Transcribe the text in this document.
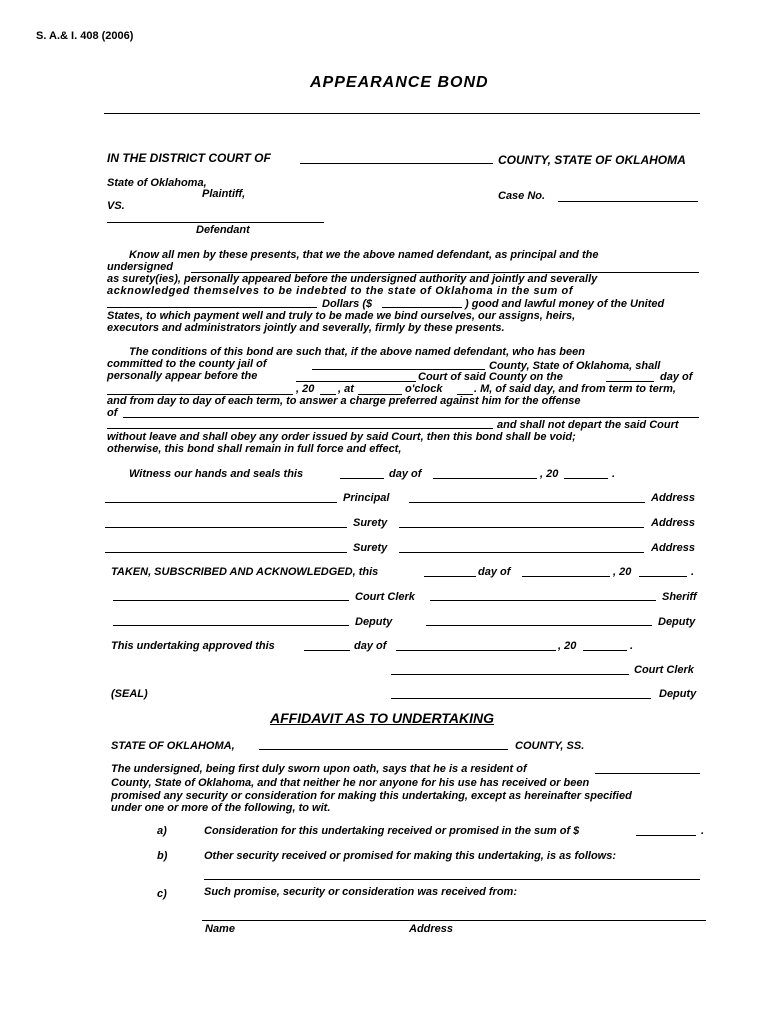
S. A.& I. 408 (2006)
APPEARANCE BOND
IN THE DISTRICT COURT OF	COUNTY, STATE OF OKLAHOMA
State of Oklahoma,
Plaintiff,
VS.
Case No.
Defendant
Know all men by these presents, that we the above named defendant, as principal and the
undersigned
as surety(ies), personally appeared before the undersigned authority and jointly and severally
acknowledged themselves to be indebted to the state of Oklahoma in the sum of
Dollars ($	) good and lawful money of the United
States, to which payment well and truly to be made we bind ourselves, our assigns, heirs,
executors and administrators jointly and severally, firmly by these presents.
The conditions of this bond are such that, if the above named defendant, who has been
committed to the county jail of	County, State of Oklahoma, shall
personally appear before the	Court of said County on the	day of
, 20 , at	o'clock	. M, of said day, and from term to term,
and from day to day of each term, to answer a charge preferred against him for the offense
of
and shall not depart the said Court
without leave and shall obey any order issued by said Court, then this bond shall be void;
otherwise, this bond shall remain in full force and effect,
Witness our hands and seals this	day of	, 20	.
Principal	Address
Surety	Address
Surety	Address
TAKEN, SUBSCRIBED AND ACKNOWLEDGED, this	day of	, 20	.
Court Clerk	Sheriff
Deputy	Deputy
This undertaking approved this	day of	, 20	.
Court Clerk
(SEAL)	Deputy
AFFIDAVIT AS TO UNDERTAKING
STATE OF OKLAHOMA,	COUNTY, SS.
The undersigned, being first duly sworn upon oath, says that he is a resident of
County, State of Oklahoma, and that neither he nor anyone for his use has received or been
promised any security or consideration for making this undertaking, except as hereinafter specified
under one or more of the following, to wit.
a)	Consideration for this undertaking received or promised in the sum of $	.
b)	Other security received or promised for making this undertaking, is as follows:
c)	Such promise, security or consideration was received from:
Name	Address
